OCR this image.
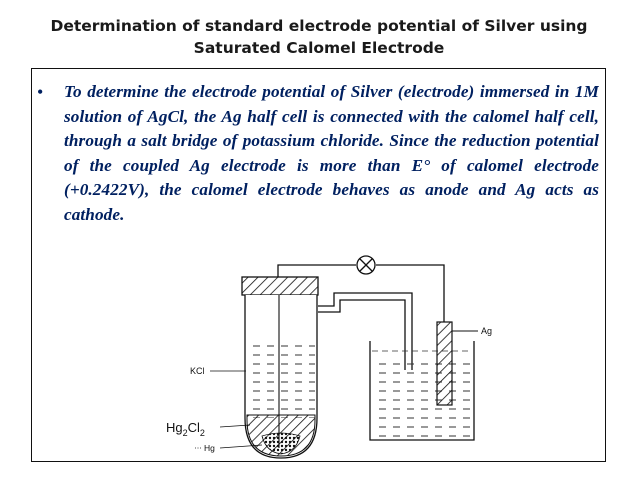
Determination of standard electrode potential of Silver using
Saturated Calomel Electrode
• To determine the electrode potential of Silver (electrode) immersed in 1M solution of AgCl, the Ag half cell is connected with the calomel half cell, through a salt bridge of potassium chloride. Since the reduction potential of the coupled Ag electrode is more than E° of calomel electrode (+0.2422V), the calomel electrode behaves as anode and Ag acts as cathode.
KCl
$Hg_2Cl_2$
Hg
Ag
